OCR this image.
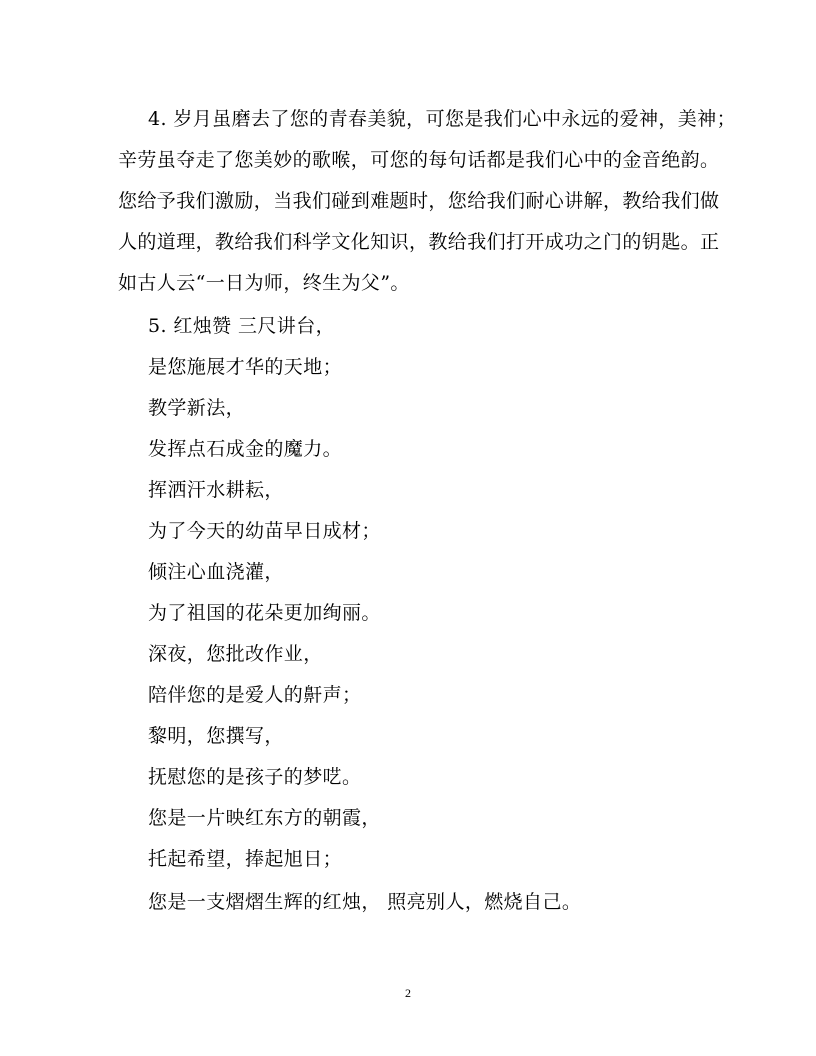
4. 岁月虽磨去了您的青春美貌，可您是我们心中永远的爱神，美神；
辛劳虽夺走了您美妙的歌喉，可您的每句话都是我们心中的金音绝韵。
您给予我们激励，当我们碰到难题时，您给我们耐心讲解，教给我们做
人的道理，教给我们科学文化知识，教给我们打开成功之门的钥匙。正
如古人云“一日为师，终生为父”。
5. 红烛赞 三尺讲台，
是您施展才华的天地；
教学新法，
发挥点石成金的魔力。
挥洒汗水耕耘，
为了今天的幼苗早日成材；
倾注心血浇灌，
为了祖国的花朵更加绚丽。
深夜，您批改作业，
陪伴您的是爱人的鼾声；
黎明，您撰写，
抚慰您的是孩子的梦呓。
您是一片映红东方的朝霞，
托起希望，捧起旭日；
您是一支熠熠生辉的红烛， 照亮别人，燃烧自己。
2
